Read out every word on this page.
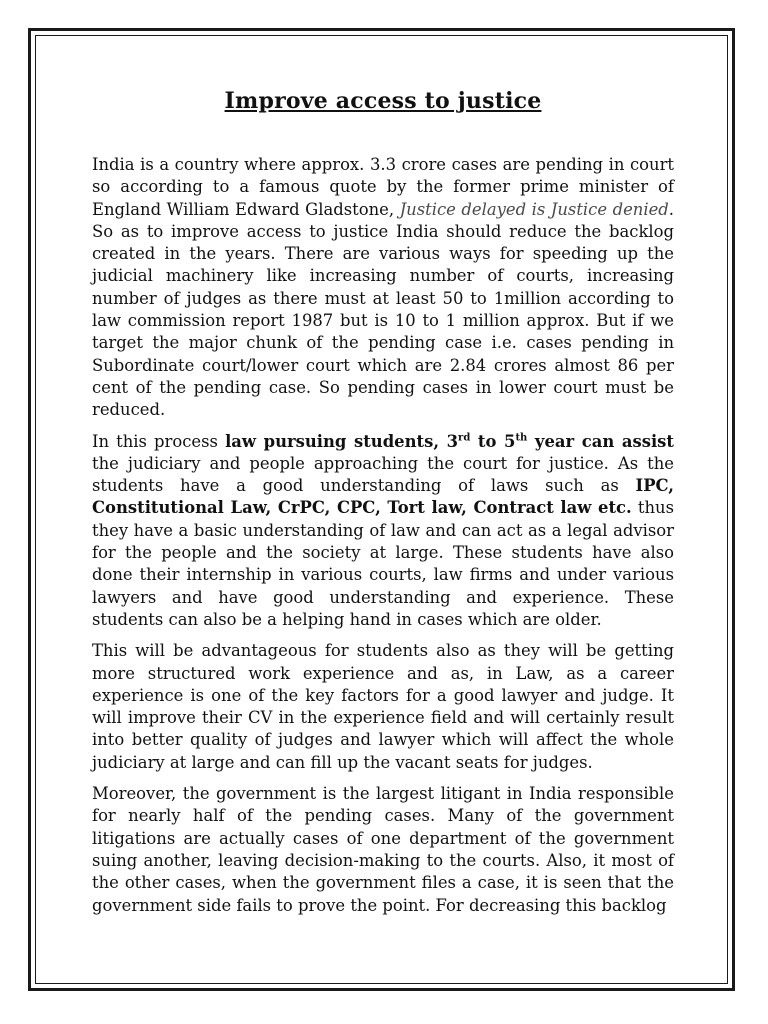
Improve access to justice

India is a country where approx. 3.3 crore cases are pending in court so according to a famous quote by the former prime minister of England William Edward Gladstone, Justice delayed is Justice denied. So as to improve access to justice India should reduce the backlog created in the years. There are various ways for speeding up the judicial machinery like increasing number of courts, increasing number of judges as there must at least 50 to 1million according to law commission report 1987 but is 10 to 1 million approx. But if we target the major chunk of the pending case i.e. cases pending in Subordinate court/lower court which are 2.84 crores almost 86 per cent of the pending case. So pending cases in lower court must be reduced.

In this process law pursuing students, 3rd to 5th year can assist the judiciary and people approaching the court for justice. As the students have a good understanding of laws such as IPC, Constitutional Law, CrPC, CPC, Tort law, Contract law etc. thus they have a basic understanding of law and can act as a legal advisor for the people and the society at large. These students have also done their internship in various courts, law firms and under various lawyers and have good understanding and experience. These students can also be a helping hand in cases which are older.

This will be advantageous for students also as they will be getting more structured work experience and as, in Law, as a career experience is one of the key factors for a good lawyer and judge. It will improve their CV in the experience field and will certainly result into better quality of judges and lawyer which will affect the whole judiciary at large and can fill up the vacant seats for judges.

Moreover, the government is the largest litigant in India responsible for nearly half of the pending cases. Many of the government litigations are actually cases of one department of the government suing another, leaving decision-making to the courts. Also, it most of the other cases, when the government files a case, it is seen that the government side fails to prove the point. For decreasing this backlog
